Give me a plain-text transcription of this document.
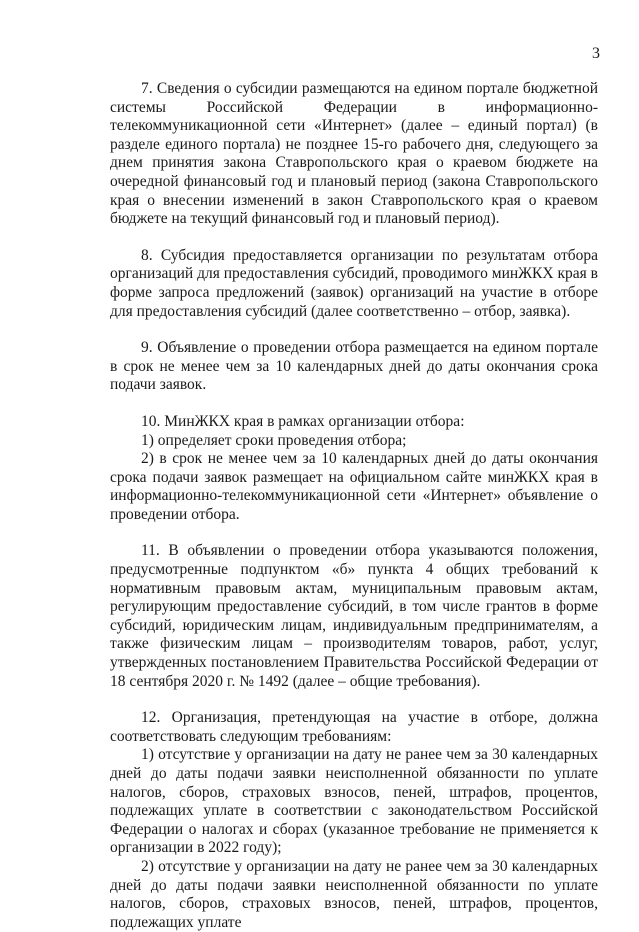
3

7. Сведения о субсидии размещаются на едином портале бюджетной системы Российской Федерации в информационно-телекоммуникационной сети «Интернет» (далее – единый портал) (в разделе единого портала) не позднее 15-го рабочего дня, следующего за днем принятия закона Ставропольского края о краевом бюджете на очередной финансовый год и плановый период (закона Ставропольского края о внесении изменений в закон Ставропольского края о краевом бюджете на текущий финансовый год и плановый период).

8. Субсидия предоставляется организации по результатам отбора организаций для предоставления субсидий, проводимого минЖКХ края в форме запроса предложений (заявок) организаций на участие в отборе для предоставления субсидий (далее соответственно – отбор, заявка).

9. Объявление о проведении отбора размещается на едином портале в срок не менее чем за 10 календарных дней до даты окончания срока подачи заявок.

10. МинЖКХ края в рамках организации отбора:

1) определяет сроки проведения отбора;

2) в срок не менее чем за 10 календарных дней до даты окончания срока подачи заявок размещает на официальном сайте минЖКХ края в информационно-телекоммуникационной сети «Интернет» объявление о проведении отбора.

11. В объявлении о проведении отбора указываются положения, предусмотренные подпунктом «б» пункта 4 общих требований к нормативным правовым актам, муниципальным правовым актам, регулирующим предоставление субсидий, в том числе грантов в форме субсидий, юридическим лицам, индивидуальным предпринимателям, а также физическим лицам – производителям товаров, работ, услуг, утвержденных постановлением Правительства Российской Федерации от 18 сентября 2020 г. № 1492 (далее – общие требования).

12. Организация, претендующая на участие в отборе, должна соответствовать следующим требованиям:

1) отсутствие у организации на дату не ранее чем за 30 календарных дней до даты подачи заявки неисполненной обязанности по уплате налогов, сборов, страховых взносов, пеней, штрафов, процентов, подлежащих уплате в соответствии с законодательством Российской Федерации о налогах и сборах (указанное требование не применяется к организации в 2022 году);

2) отсутствие у организации на дату не ранее чем за 30 календарных дней до даты подачи заявки неисполненной обязанности по уплате налогов, сборов, страховых взносов, пеней, штрафов, процентов, подлежащих уплате
